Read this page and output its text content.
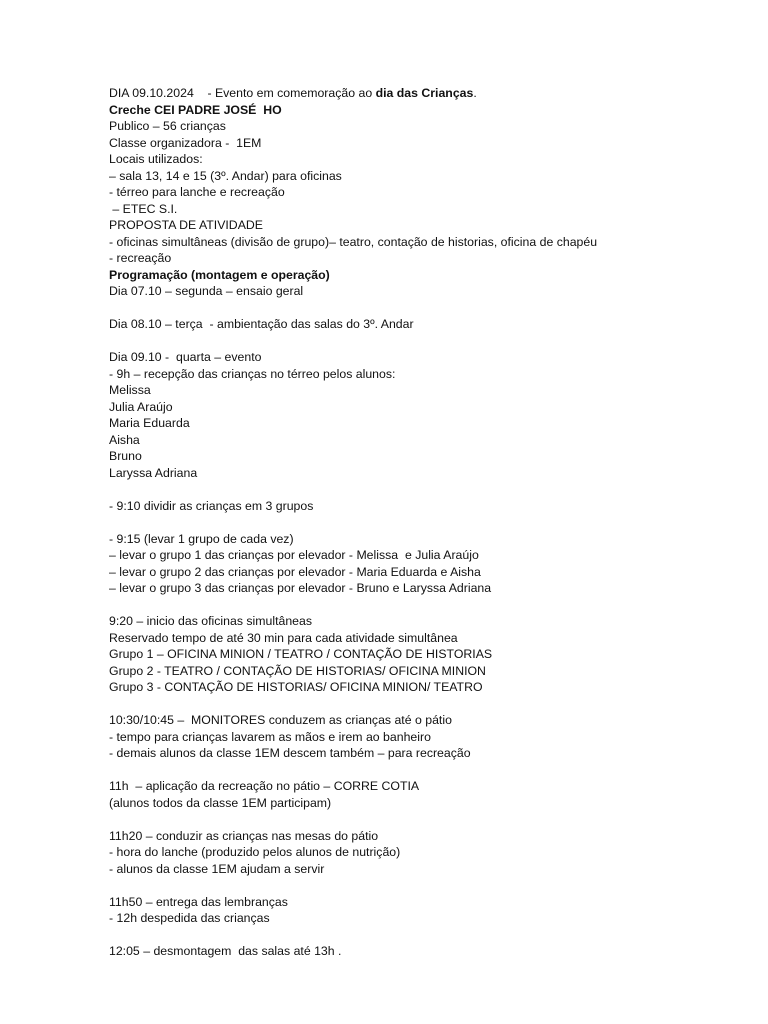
DIA 09.10.2024    - Evento em comemoração ao dia das Crianças.
Creche CEI PADRE JOSÉ  HO
Publico – 56 crianças
Classe organizadora -  1EM
Locais utilizados:
– sala 13, 14 e 15 (3º. Andar) para oficinas
- térreo para lanche e recreação
– ETEC S.I.
PROPOSTA DE ATIVIDADE
- oficinas simultâneas (divisão de grupo)– teatro, contação de historias, oficina de chapéu
- recreação
Programação (montagem e operação)
Dia 07.10 – segunda – ensaio geral
Dia 08.10 – terça  - ambientação das salas do 3º. Andar
Dia 09.10 -  quarta – evento
- 9h – recepção das crianças no térreo pelos alunos:
Melissa
Julia Araújo
Maria Eduarda
Aisha
Bruno
Laryssa Adriana
- 9:10 dividir as crianças em 3 grupos
- 9:15 (levar 1 grupo de cada vez)
– levar o grupo 1 das crianças por elevador - Melissa  e Julia Araújo
– levar o grupo 2 das crianças por elevador - Maria Eduarda e Aisha
– levar o grupo 3 das crianças por elevador - Bruno e Laryssa Adriana
9:20 – inicio das oficinas simultâneas
Reservado tempo de até 30 min para cada atividade simultânea
Grupo 1 – OFICINA MINION / TEATRO / CONTAÇÃO DE HISTORIAS
Grupo 2 - TEATRO / CONTAÇÃO DE HISTORIAS/ OFICINA MINION
Grupo 3 - CONTAÇÃO DE HISTORIAS/ OFICINA MINION/ TEATRO
10:30/10:45 –  MONITORES conduzem as crianças até o pátio
- tempo para crianças lavarem as mãos e irem ao banheiro
- demais alunos da classe 1EM descem também – para recreação
11h  – aplicação da recreação no pátio – CORRE COTIA
(alunos todos da classe 1EM participam)
11h20 – conduzir as crianças nas mesas do pátio
- hora do lanche (produzido pelos alunos de nutrição)
- alunos da classe 1EM ajudam a servir
11h50 – entrega das lembranças
- 12h despedida das crianças
12:05 – desmontagem  das salas até 13h .
